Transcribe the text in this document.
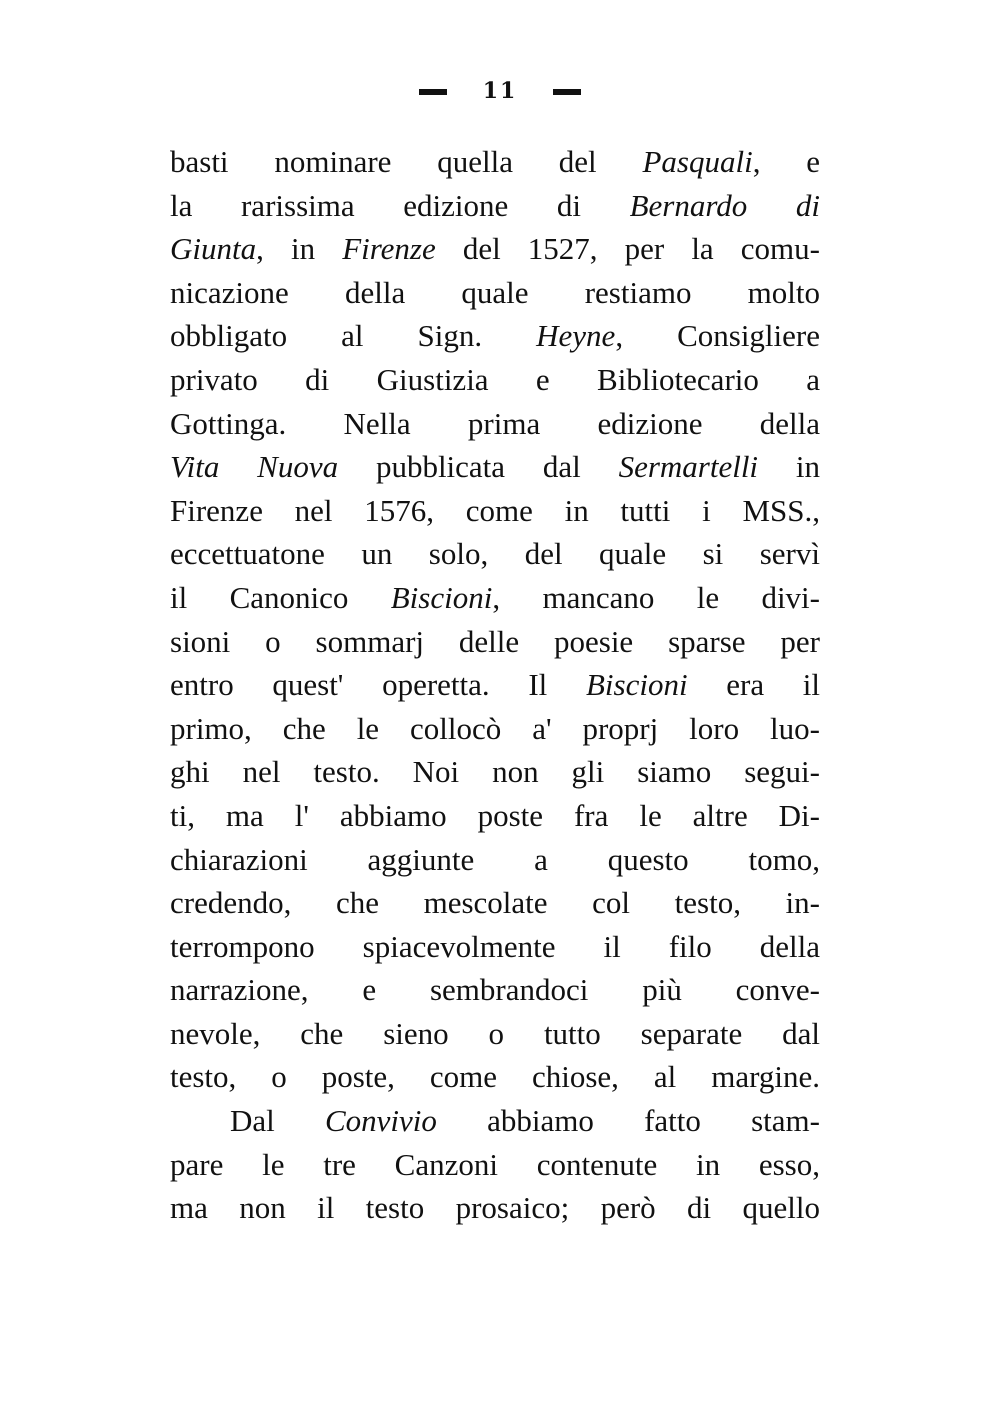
11
basti nominare quella del Pasquali, e
la rarissima edizione di Bernardo di
Giunta, in Firenze del 1527, per la comu-
nicazione della quale restiamo molto
obbligato al Sign. Heyne, Consigliere
privato di Giustizia e Bibliotecario a
Gottinga. Nella prima edizione della
Vita Nuova pubblicata dal Sermartelli in
Firenze nel 1576, come in tutti i MSS.,
eccettuatone un solo, del quale si servì
il Canonico Biscioni, mancano le divi-
sioni o sommarj delle poesie sparse per
entro quest' operetta. Il Biscioni era il
primo, che le collocò a' proprj loro luo-
ghi nel testo. Noi non gli siamo segui-
ti, ma l' abbiamo poste fra le altre Di-
chiarazioni aggiunte a questo tomo,
credendo, che mescolate col testo, in-
terrompono spiacevolmente il filo della
narrazione, e sembrandoci più conve-
nevole, che sieno o tutto separate dal
testo, o poste, come chiose, al margine.
Dal Convivio abbiamo fatto stam-
pare le tre Canzoni contenute in esso,
ma non il testo prosaico; però di quello
